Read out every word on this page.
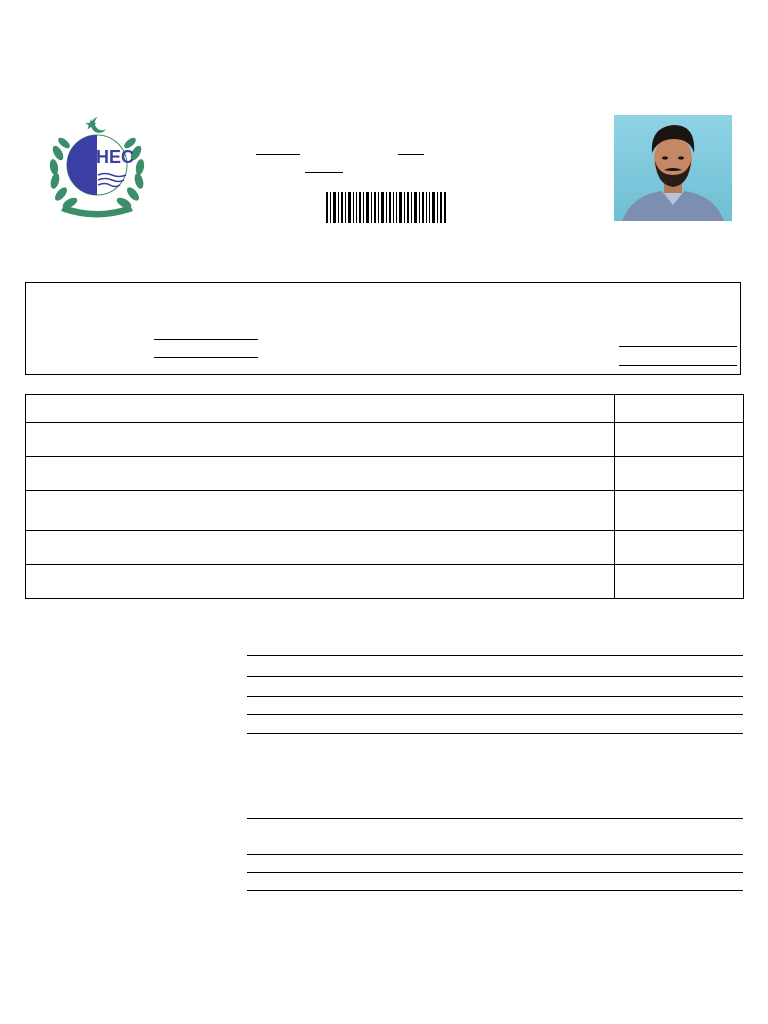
HEC
